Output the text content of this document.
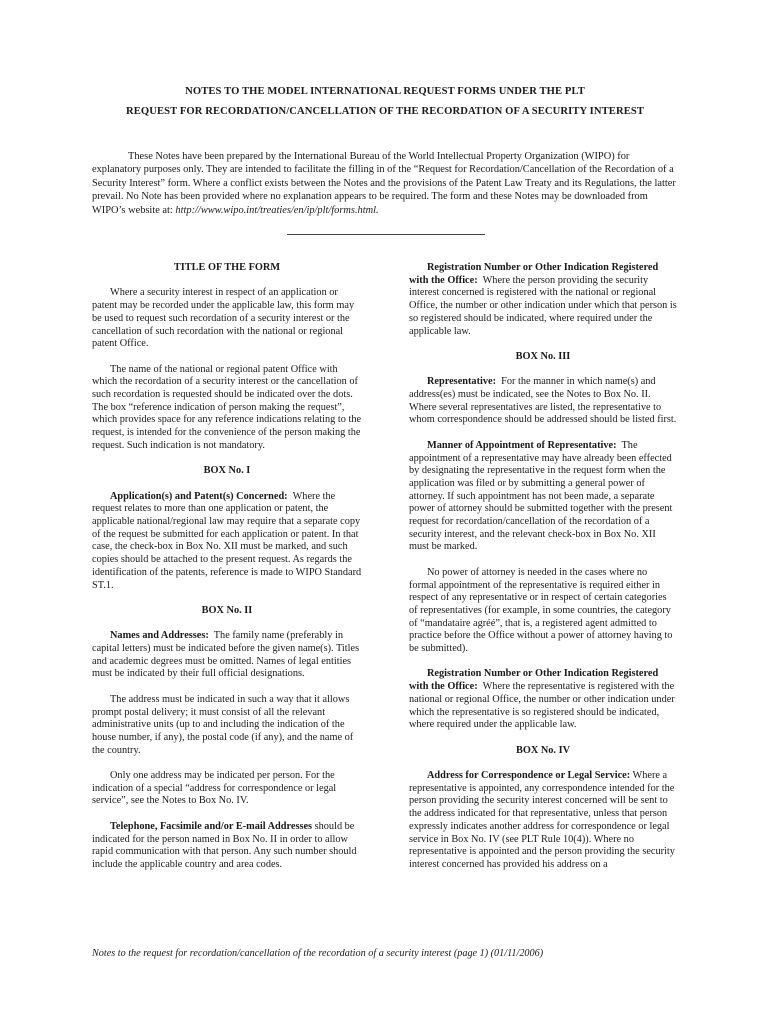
NOTES TO THE MODEL INTERNATIONAL REQUEST FORMS UNDER THE PLT
REQUEST FOR RECORDATION/CANCELLATION OF THE RECORDATION OF A SECURITY INTEREST

These Notes have been prepared by the International Bureau of the World Intellectual Property Organization (WIPO) for explanatory purposes only. They are intended to facilitate the filling in of the “Request for Recordation/Cancellation of the Recordation of a Security Interest” form. Where a conflict exists between the Notes and the provisions of the Patent Law Treaty and its Regulations, the latter prevail. No Note has been provided where no explanation appears to be required. The form and these Notes may be downloaded from WIPO’s website at: http://www.wipo.int/treaties/en/ip/plt/forms.html.

TITLE OF THE FORM

Where a security interest in respect of an application or patent may be recorded under the applicable law, this form may be used to request such recordation of a security interest or the cancellation of such recordation with the national or regional patent Office.

The name of the national or regional patent Office with which the recordation of a security interest or the cancellation of such recordation is requested should be indicated over the dots. The box “reference indication of person making the request”, which provides space for any reference indications relating to the request, is intended for the convenience of the person making the request. Such indication is not mandatory.

BOX No. I

Application(s) and Patent(s) Concerned: Where the request relates to more than one application or patent, the applicable national/regional law may require that a separate copy of the request be submitted for each application or patent. In that case, the check-box in Box No. XII must be marked, and such copies should be attached to the present request. As regards the identification of the patents, reference is made to WIPO Standard ST.1.

BOX No. II

Names and Addresses: The family name (preferably in capital letters) must be indicated before the given name(s). Titles and academic degrees must be omitted. Names of legal entities must be indicated by their full official designations.

The address must be indicated in such a way that it allows prompt postal delivery; it must consist of all the relevant administrative units (up to and including the indication of the house number, if any), the postal code (if any), and the name of the country.

Only one address may be indicated per person. For the indication of a special “address for correspondence or legal service”, see the Notes to Box No. IV.

Telephone, Facsimile and/or E-mail Addresses should be indicated for the person named in Box No. II in order to allow rapid communication with that person. Any such number should include the applicable country and area codes.

Registration Number or Other Indication Registered with the Office: Where the person providing the security interest concerned is registered with the national or regional Office, the number or other indication under which that person is so registered should be indicated, where required under the applicable law.

BOX No. III

Representative: For the manner in which name(s) and address(es) must be indicated, see the Notes to Box No. II. Where several representatives are listed, the representative to whom correspondence should be addressed should be listed first.

Manner of Appointment of Representative: The appointment of a representative may have already been effected by designating the representative in the request form when the application was filed or by submitting a general power of attorney. If such appointment has not been made, a separate power of attorney should be submitted together with the present request for recordation/cancellation of the recordation of a security interest, and the relevant check-box in Box No. XII must be marked.

No power of attorney is needed in the cases where no formal appointment of the representative is required either in respect of any representative or in respect of certain categories of representatives (for example, in some countries, the category of “mandataire agréé”, that is, a registered agent admitted to practice before the Office without a power of attorney having to be submitted).

Registration Number or Other Indication Registered with the Office: Where the representative is registered with the national or regional Office, the number or other indication under which the representative is so registered should be indicated, where required under the applicable law.

BOX No. IV

Address for Correspondence or Legal Service: Where a representative is appointed, any correspondence intended for the person providing the security interest concerned will be sent to the address indicated for that representative, unless that person expressly indicates another address for correspondence or legal service in Box No. IV (see PLT Rule 10(4)). Where no representative is appointed and the person providing the security interest concerned has provided his address on a

Notes to the request for recordation/cancellation of the recordation of a security interest (page 1) (01/11/2006)
